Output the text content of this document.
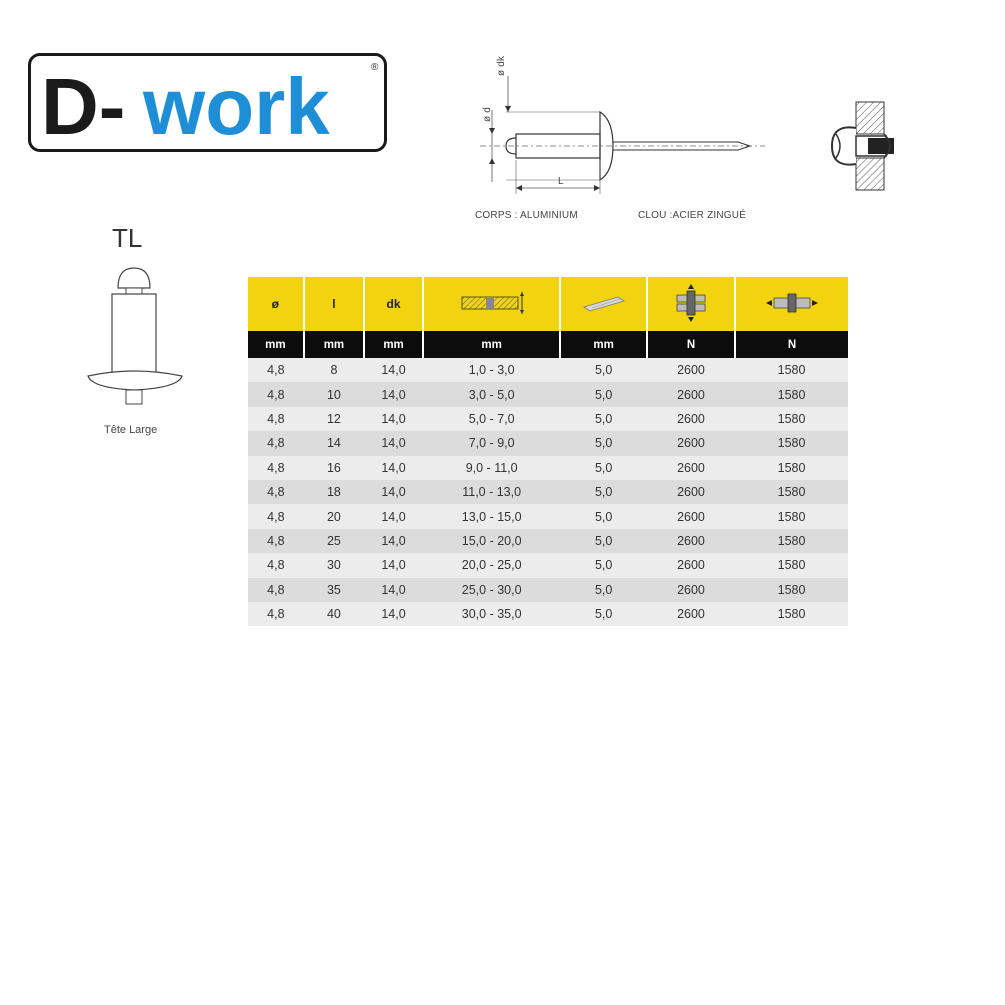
D- work	®	ø dk
ø d
L
CORPS : ALUMINIUM	CLOU :ACIER ZINGUÉ
TL
Tête Large
ø	l	dk				
mm	mm	mm	mm	mm	N	N
4,8	8	14,0	1,0 - 3,0	5,0	2600	1580
4,8	10	14,0	3,0 - 5,0	5,0	2600	1580
4,8	12	14,0	5,0 - 7,0	5,0	2600	1580
4,8	14	14,0	7,0 - 9,0	5,0	2600	1580
4,8	16	14,0	9,0 - 11,0	5,0	2600	1580
4,8	18	14,0	11,0 - 13,0	5,0	2600	1580
4,8	20	14,0	13,0 - 15,0	5,0	2600	1580
4,8	25	14,0	15,0 - 20,0	5,0	2600	1580
4,8	30	14,0	20,0 - 25,0	5,0	2600	1580
4,8	35	14,0	25,0 - 30,0	5,0	2600	1580
4,8	40	14,0	30,0 - 35,0	5,0	2600	1580
